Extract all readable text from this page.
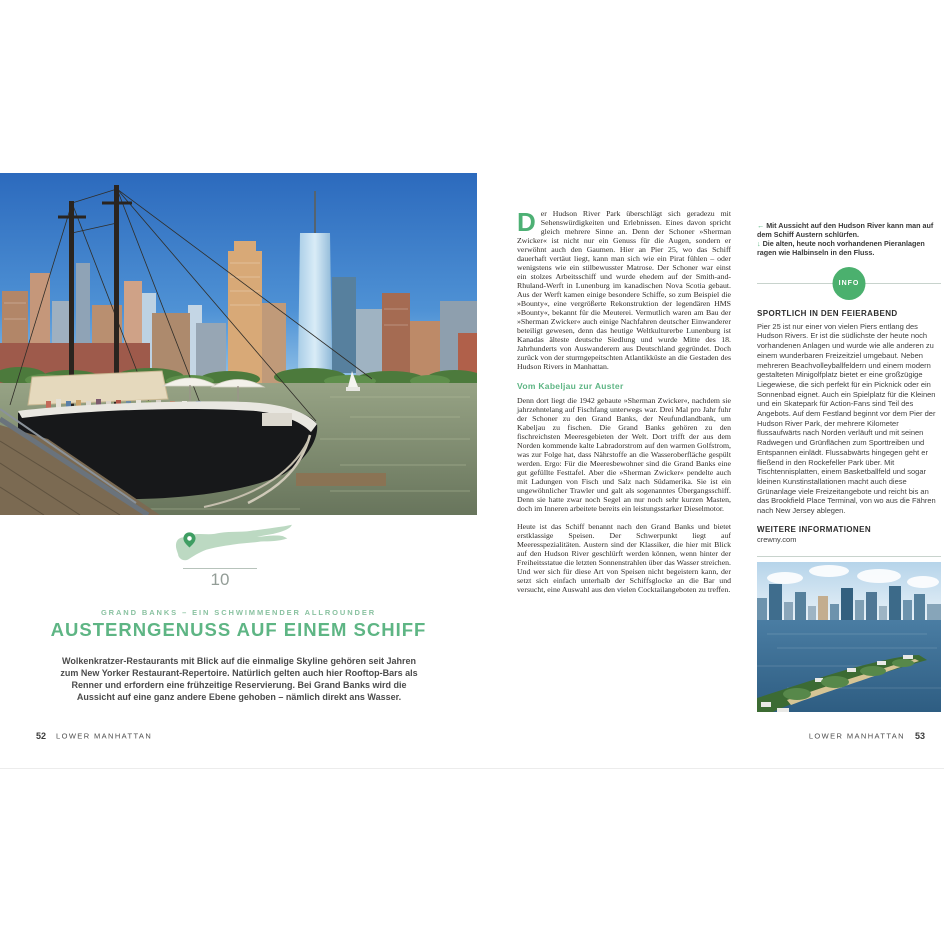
10
GRAND BANKS – EIN SCHWIMMENDER ALLROUNDER
AUSTERNGENUSS AUF EINEM SCHIFF
Wolkenkratzer-Restaurants mit Blick auf die einmalige Skyline gehören seit Jahren zum New Yorker Restaurant-Repertoire. Natürlich gelten auch hier Rooftop-Bars als Renner und erfordern eine frühzeitige Reservierung. Bei Grand Banks wird die Aussicht auf eine ganz andere Ebene gehoben – nämlich direkt ans Wasser.
52 LOWER MANHATTAN

Der Hudson River Park überschlägt sich geradezu mit Sehenswürdigkeiten und Erlebnissen. Eines davon spricht gleich mehrere Sinne an. Denn der Schoner »Sherman Zwicker« ist nicht nur ein Genuss für die Augen, sondern er verwöhnt auch den Gaumen. Hier an Pier 25, wo das Schiff dauerhaft vertäut liegt, kann man sich wie ein Pirat fühlen – oder wenigstens wie ein stilbewusster Matrose. Der Schoner war einst ein stolzes Arbeitsschiff und wurde ehedem auf der Smith-and-Rhuland-Werft in Lunenburg im kanadischen Nova Scotia gebaut. Aus der Werft kamen einige besondere Schiffe, so zum Beispiel die »Bounty«, eine vergrößerte Rekonstruktion der legendären HMS »Bounty«, bekannt für die Meuterei. Vermutlich waren am Bau der »Sherman Zwicker« auch einige Nachfahren deutscher Einwanderer beteiligt gewesen, denn das heutige Weltkulturerbe Lunenburg ist Kanadas älteste deutsche Siedlung und wurde Mitte des 18. Jahrhunderts von Auswanderern aus Deutschland gegründet. Doch zurück von der sturmgepeitschten Atlantikküste an die Gestaden des Hudson Rivers in Manhattan.

Vom Kabeljau zur Auster

Denn dort liegt die 1942 gebaute »Sherman Zwicker«, nachdem sie jahrzehntelang auf Fischfang unterwegs war. Drei Mal pro Jahr fuhr der Schoner zu den Grand Banks, der Neufundlandbank, um Kabeljau zu fischen. Die Grand Banks gehören zu den fischreichsten Meeresgebieten der Welt. Dort trifft der aus dem Norden kommende kalte Labradorstrom auf den warmen Golfstrom, was zur Folge hat, dass Nährstoffe an die Wasseroberfläche gespült werden. Ergo: Für die Meeresbewohner sind die Grand Banks eine gut gefüllte Festtafel. Aber die »Sherman Zwicker« pendelte auch mit Ladungen von Fisch und Salz nach Südamerika. Sie ist ein ungewöhnlicher Trawler und galt als sogenanntes Übergangsschiff. Denn sie hatte zwar noch Segel an nur noch sehr kurzen Masten, doch im Inneren arbeitete bereits ein leistungsstarker Dieselmotor.

Heute ist das Schiff benannt nach den Grand Banks und bietet erstklassige Speisen. Der Schwerpunkt liegt auf Meeresspezialitäten. Austern sind der Klassiker, die hier mit Blick auf den Hudson River geschlürft werden können, wenn hinter der Freiheitsstatue die letzten Sonnenstrahlen über das Wasser streichen. Und wer sich für diese Art von Speisen nicht begeistern kann, der setzt sich einfach unterhalb der Schiffsglocke an die Bar und versucht, eine Auswahl aus den vielen Cocktailangeboten zu treffen.

← Mit Aussicht auf den Hudson River kann man auf dem Schiff Austern schlürfen.

↓ Die alten, heute noch vorhandenen Pieranlagen ragen wie Halbinseln in den Fluss.

INFO
SPORTLICH IN DEN FEIERABEND

Pier 25 ist nur einer von vielen Piers entlang des Hudson Rivers. Er ist die südlichste der heute noch vorhandenen Anlagen und wurde wie alle anderen zu einem wunderbaren Freizeitziel umgebaut. Neben mehreren Beachvolleyballfeldern und einem modern gestalteten Minigolfplatz bietet er eine großzügige Liegewiese, die sich perfekt für ein Picknick oder ein Sonnenbad eignet. Auch ein Spielplatz für die Kleinen und ein Skatepark für Action-Fans sind Teil des Angebots. Auf dem Festland beginnt vor dem Pier der Hudson River Park, der mehrere Kilometer flussaufwärts nach Norden verläuft und mit seinen Radwegen und Grünflächen zum Sporttreiben und Entspannen einlädt. Flussabwärts hingegen geht er fließend in den Rockefeller Park über. Mit Tischtennisplatten, einem Basketballfeld und sogar kleinen Kunstinstallationen macht auch diese Grünanlage viele Freizeitangebote und reicht bis an das Brookfield Place Terminal, von wo aus die Fähren nach New Jersey ablegen.

WEITERE INFORMATIONEN

crewny.com

LOWER MANHATTAN 53
